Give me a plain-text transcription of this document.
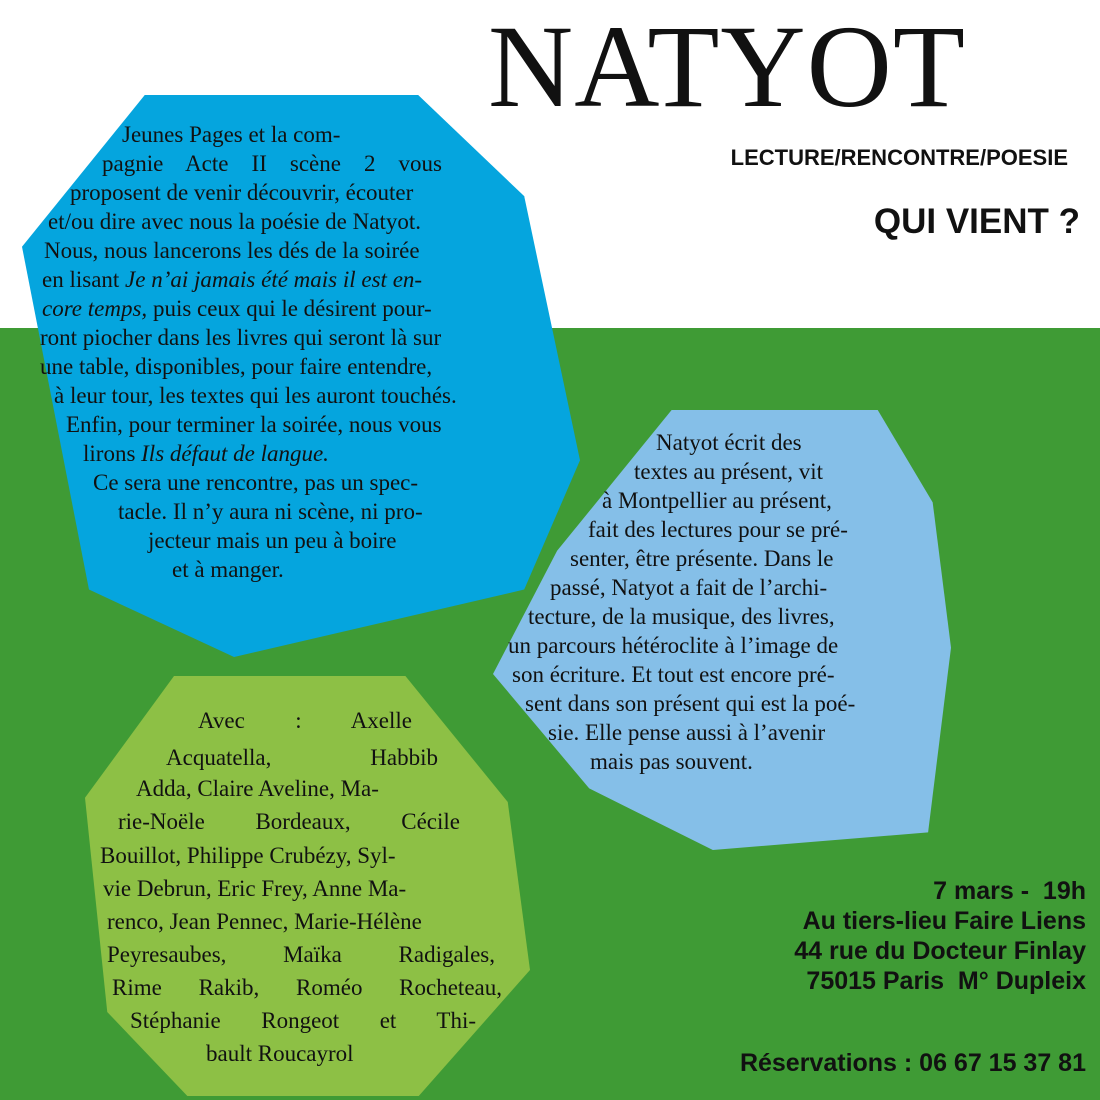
NATYOT
LECTURE/RENCONTRE/POESIE
QUI VIENT ?
Jeunes Pages et la com-
pagnie Acte II scène 2 vous
proposent de venir découvrir, écouter
et/ou dire avec nous la poésie de Natyot.
Nous, nous lancerons les dés de la soirée
en lisant Je n’ai jamais été mais il est en-
core temps, puis ceux qui le désirent pour-
ront piocher dans les livres qui seront là sur
une table, disponibles, pour faire entendre,
à leur tour, les textes qui les auront touchés.
Enfin, pour terminer la soirée, nous vous
lirons Ils défaut de langue.
Ce sera une rencontre, pas un spec-
tacle. Il n’y aura ni scène, ni pro-
jecteur mais un peu à boire
et à manger.
Natyot écrit des
textes au présent, vit
à Montpellier au présent,
fait des lectures pour se pré-
senter, être présente. Dans le
passé, Natyot a fait de l’archi-
tecture, de la musique, des livres,
un parcours hétéroclite à l’image de
son écriture. Et tout est encore pré-
sent dans son présent qui est la poé-
sie. Elle pense aussi à l’avenir
mais pas souvent.
Avec : Axelle
Acquatella, Habbib
Adda, Claire Aveline, Ma-
rie-Noële Bordeaux, Cécile
Bouillot, Philippe Crubézy, Syl-
vie Debrun, Eric Frey, Anne Ma-
renco, Jean Pennec, Marie-Hélène
Peyresaubes, Maïka Radigales,
Rime Rakib, Roméo Rocheteau,
Stéphanie Rongeot et Thi-
bault Roucayrol
7 mars -  19h
Au tiers-lieu Faire Liens
44 rue du Docteur Finlay
75015 Paris  M° Dupleix
Réservations : 06 67 15 37 81
